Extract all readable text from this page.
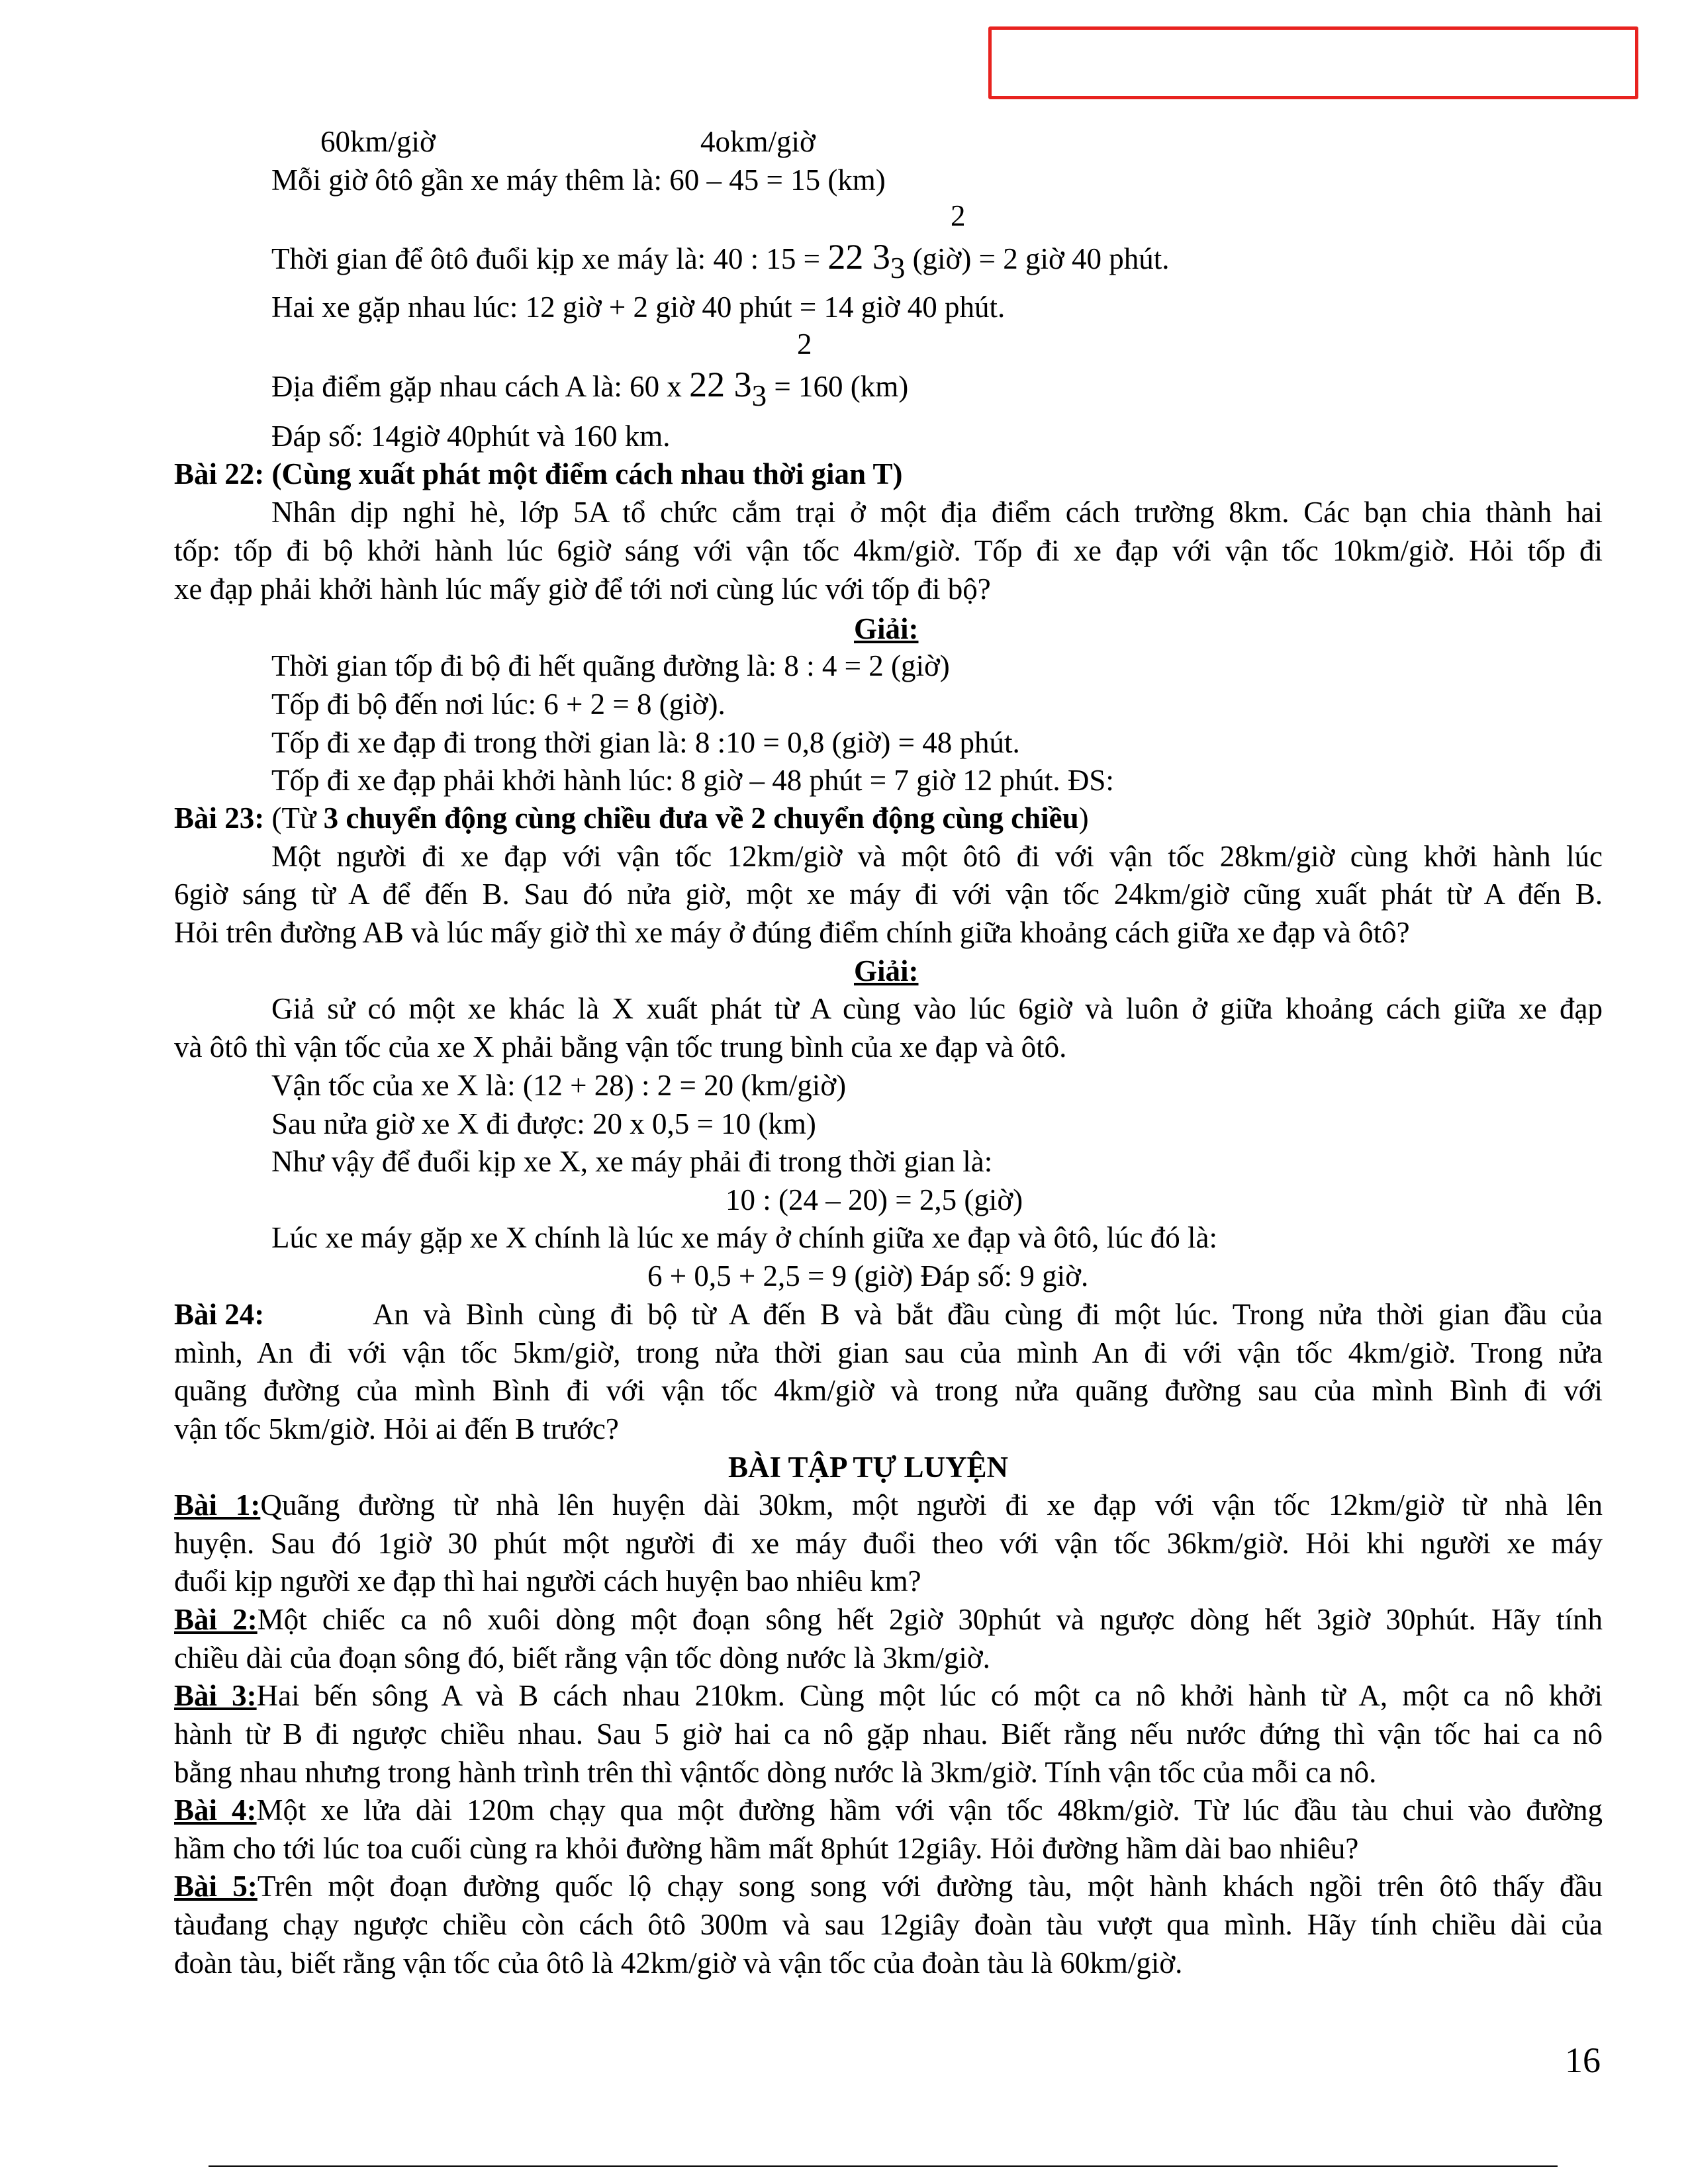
60km/giờ	4okm/giờ
Mỗi giờ ôtô gần xe máy thêm là: 60 – 45 = 15 (km)
2
Thời gian để ôtô đuổi kịp xe máy là: 40 : 15 = 22 33 (giờ) = 2 giờ 40 phút.
Hai xe gặp nhau lúc: 12 giờ + 2 giờ 40 phút = 14 giờ 40 phút.
2
Địa điểm gặp nhau cách A là: 60 x 22 33 = 160 (km)
Đáp số: 14giờ 40phút và 160 km.
Bài 22: (Cùng xuất phát một điểm cách nhau thời gian T)
Nhân dịp nghỉ hè, lớp 5A tổ chức cắm trại ở một địa điểm cách trường 8km. Các bạn chia thành hai
tốp: tốp đi bộ khởi hành lúc 6giờ sáng với vận tốc 4km/giờ. Tốp đi xe đạp với vận tốc 10km/giờ. Hỏi tốp đi
xe đạp phải khởi hành lúc mấy giờ để tới nơi cùng lúc với tốp đi bộ?
Giải:
Thời gian tốp đi bộ đi hết quãng đường là: 8 : 4 = 2 (giờ)
Tốp đi bộ đến nơi lúc: 6 + 2 = 8 (giờ).
Tốp đi xe đạp đi trong thời gian là: 8 :10 = 0,8 (giờ) = 48 phút.
Tốp đi xe đạp phải khởi hành lúc: 8 giờ – 48 phút = 7 giờ 12 phút. ĐS:
Bài 23: (Từ 3 chuyển động cùng chiều đưa về 2 chuyển động cùng chiều)
Một người đi xe đạp với vận tốc 12km/giờ và một ôtô đi với vận tốc 28km/giờ cùng khởi hành lúc
6giờ sáng từ A để đến B. Sau đó nửa giờ, một xe máy đi với vận tốc 24km/giờ cũng xuất phát từ A đến B.
Hỏi trên đường AB và lúc mấy giờ thì xe máy ở đúng điểm chính giữa khoảng cách giữa xe đạp và ôtô?
Giải:
Giả sử có một xe khác là X xuất phát từ A cùng vào lúc 6giờ và luôn ở giữa khoảng cách giữa xe đạp
và ôtô thì vận tốc của xe X phải bằng vận tốc trung bình của xe đạp và ôtô.
Vận tốc của xe X là: (12 + 28) : 2 = 20 (km/giờ)
Sau nửa giờ xe X đi được: 20 x 0,5 = 10 (km)
Như vậy để đuổi kịp xe X, xe máy phải đi trong thời gian là:
10 : (24 – 20) = 2,5 (giờ)
Lúc xe máy gặp xe X chính là lúc xe máy ở chính giữa xe đạp và ôtô, lúc đó là:
6 + 0,5 + 2,5 = 9 (giờ) Đáp số: 9 giờ.
Bài 24:	An và Bình cùng đi bộ từ A đến B và bắt đầu cùng đi một lúc. Trong nửa thời gian đầu của
mình, An đi với vận tốc 5km/giờ, trong nửa thời gian sau của mình An đi với vận tốc 4km/giờ. Trong nửa
quãng đường của mình Bình đi với vận tốc 4km/giờ và trong nửa quãng đường sau của mình Bình đi với
vận tốc 5km/giờ. Hỏi ai đến B trước?
BÀI TẬP TỰ LUYỆN
Bài 1:Quãng đường từ nhà lên huyện dài 30km, một người đi xe đạp với vận tốc 12km/giờ từ nhà lên
huyện. Sau đó 1giờ 30 phút một người đi xe máy đuổi theo với vận tốc 36km/giờ. Hỏi khi người xe máy
đuổi kịp người xe đạp thì hai người cách huyện bao nhiêu km?
Bài 2:Một chiếc ca nô xuôi dòng một đoạn sông hết 2giờ 30phút và ngược dòng hết 3giờ 30phút. Hãy tính
chiều dài của đoạn sông đó, biết rằng vận tốc dòng nước là 3km/giờ.
Bài 3:Hai bến sông A và B cách nhau 210km. Cùng một lúc có một ca nô khởi hành từ A, một ca nô khởi
hành từ B đi ngược chiều nhau. Sau 5 giờ hai ca nô gặp nhau. Biết rằng nếu nước đứng thì vận tốc hai ca nô
bằng nhau nhưng trong hành trình trên thì vậntốc dòng nước là 3km/giờ. Tính vận tốc của mỗi ca nô.
Bài 4:Một xe lửa dài 120m chạy qua một đường hầm với vận tốc 48km/giờ. Từ lúc đầu tàu chui vào đường
hầm cho tới lúc toa cuối cùng ra khỏi đường hầm mất 8phút 12giây. Hỏi đường hầm dài bao nhiêu?
Bài 5:Trên một đoạn đường quốc lộ chạy song song với đường tàu, một hành khách ngồi trên ôtô thấy đầu
tàuđang chạy ngược chiều còn cách ôtô 300m và sau 12giây đoàn tàu vượt qua mình. Hãy tính chiều dài của
đoàn tàu, biết rằng vận tốc của ôtô là 42km/giờ và vận tốc của đoàn tàu là 60km/giờ.
16
